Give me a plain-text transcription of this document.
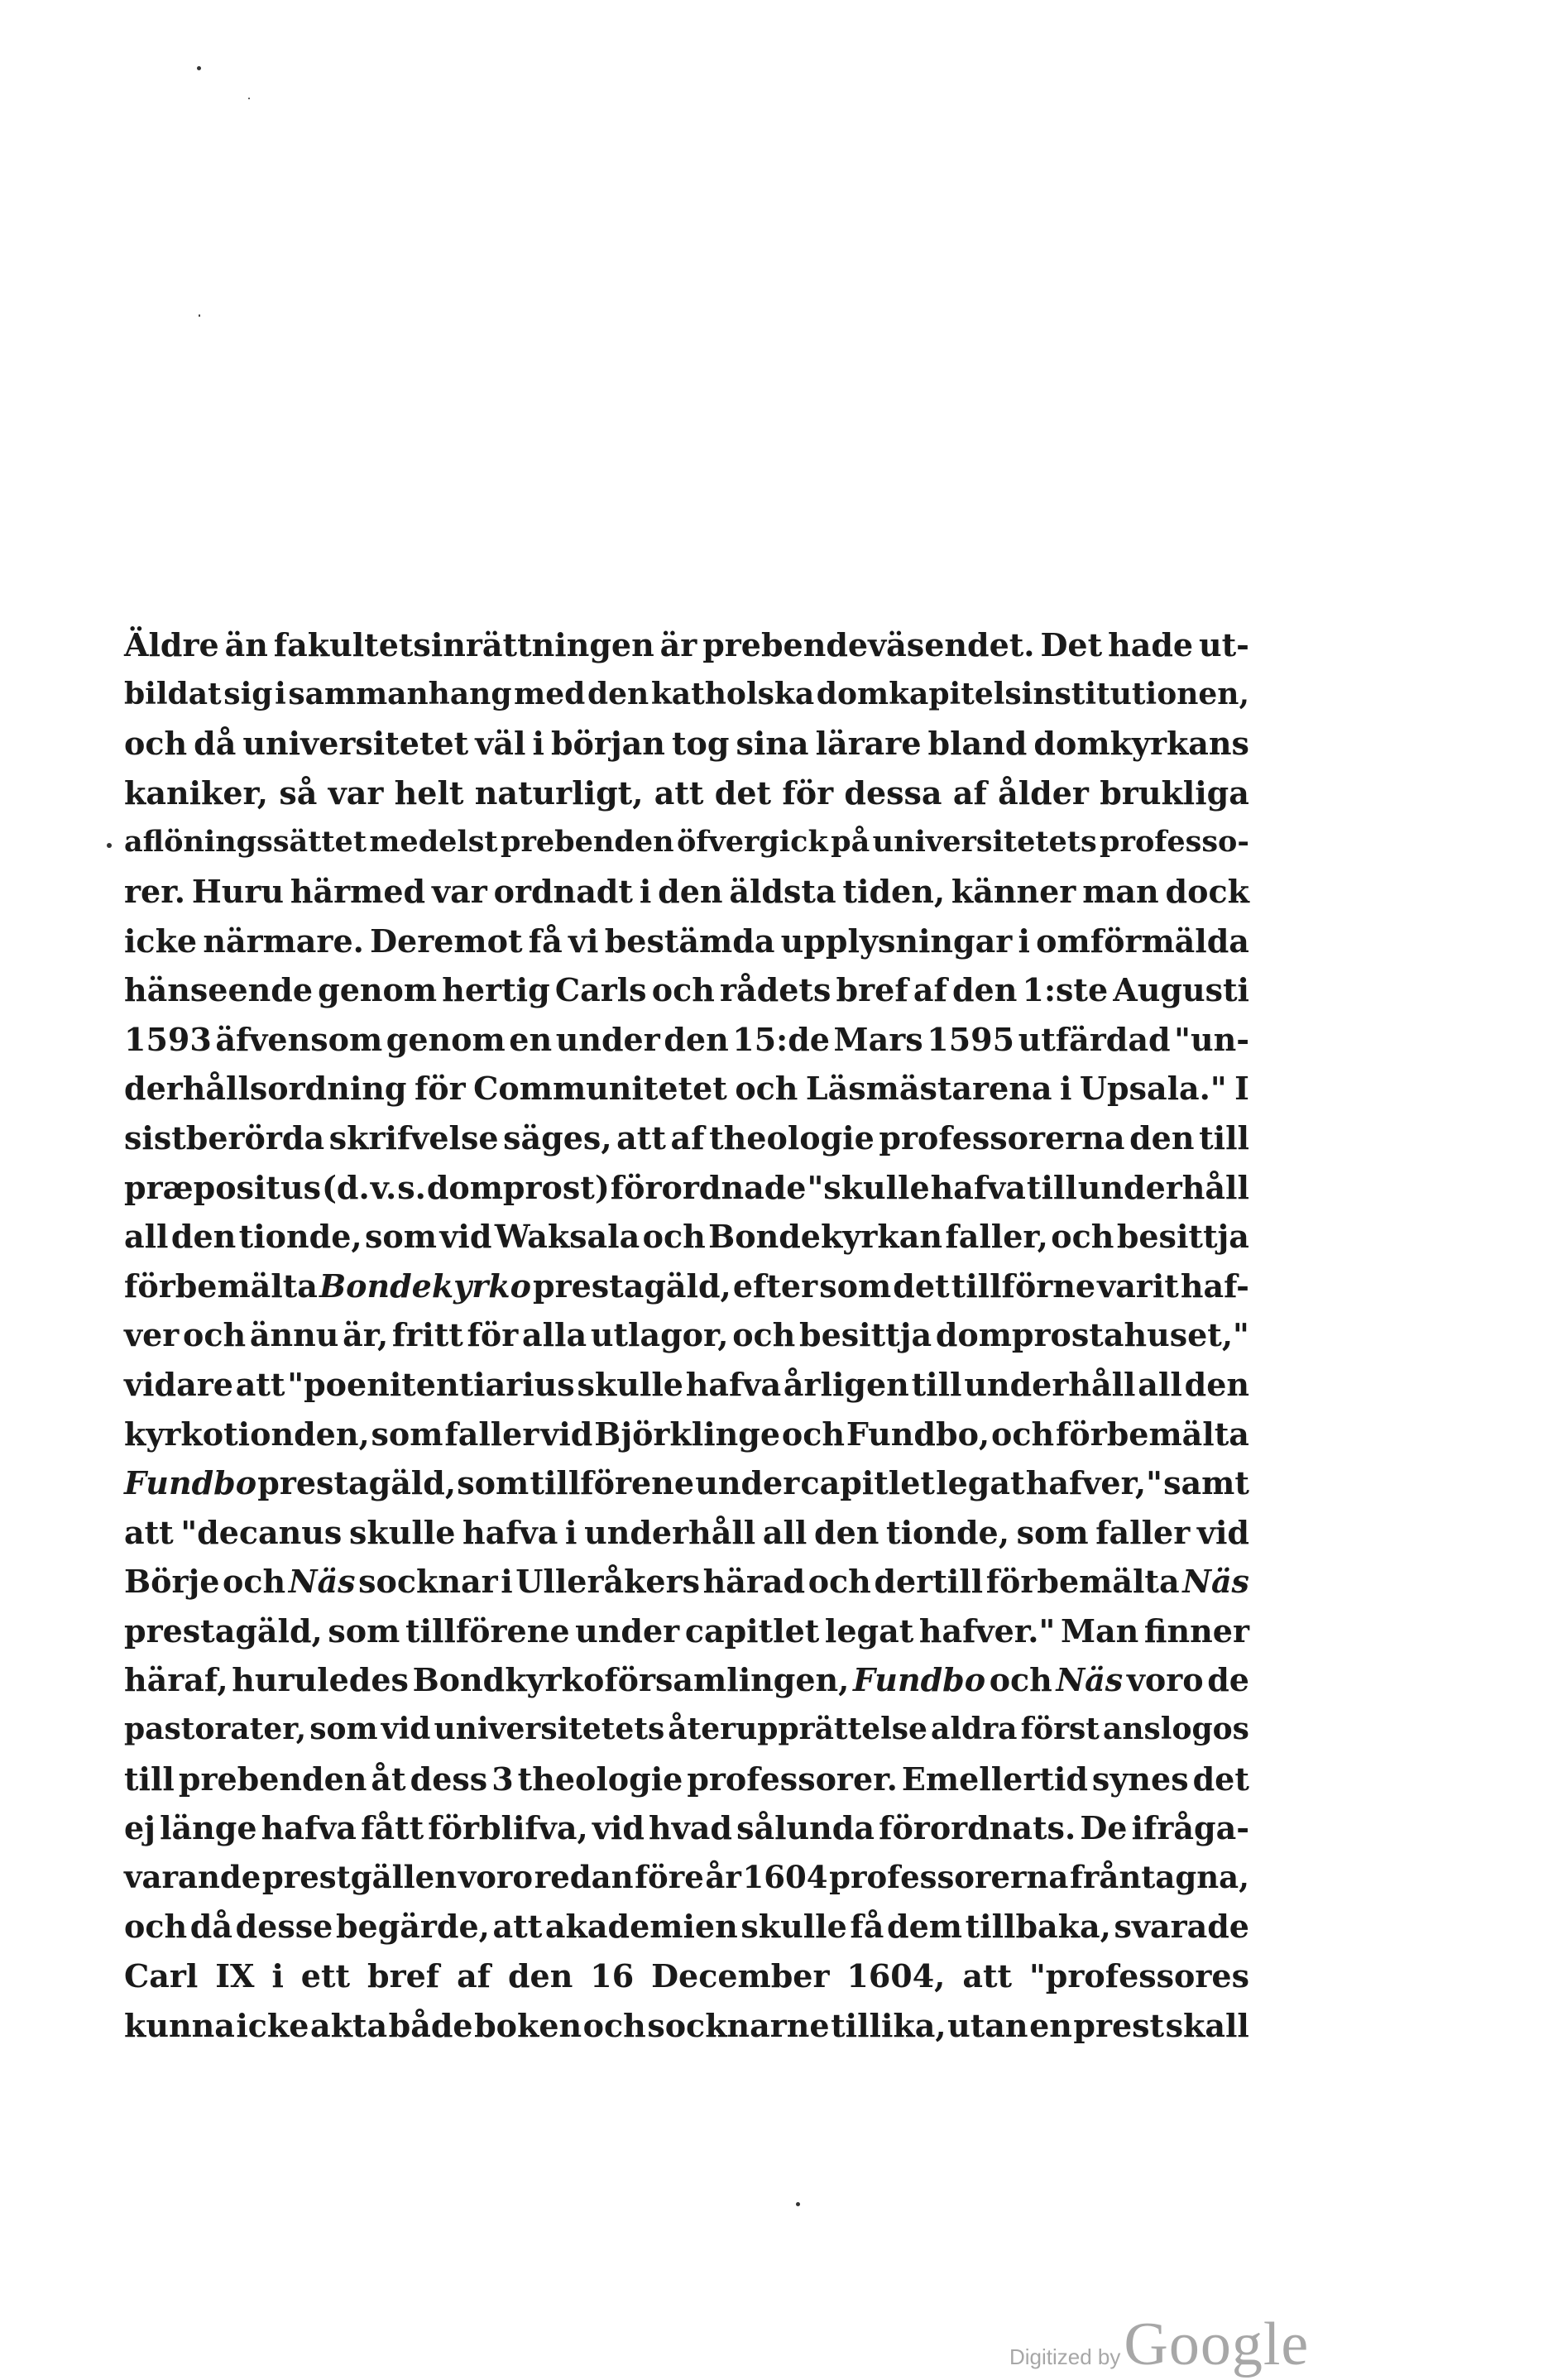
Äldre än fakultetsinrättningen är prebendeväsendet. Det hade ut-
bildat sig i sammanhang med den katholska domkapitelsinstitutionen,
och då universitetet väl i början tog sina lärare bland domkyrkans
kaniker, så var helt naturligt, att det för dessa af ålder brukliga
aflöningssättet medelst prebenden öfvergick på universitetets professo-
rer. Huru härmed var ordnadt i den äldsta tiden, känner man dock
icke närmare. Deremot få vi bestämda upplysningar i omförmälda
hänseende genom hertig Carls och rådets bref af den 1:ste Augusti
1593 äfvensom genom en under den 15:de Mars 1595 utfärdad "un-
derhållsordning för Communitetet och Läsmästarena i Upsala." I
sistberörda skrifvelse säges, att af theologie professorerna den till
præpositus (d. v. s. domprost) förordnade "skulle hafva till underhåll
all den tionde, som vid Waksala och Bondekyrkan faller, och besittja
förbemälta Bondekyrko prestagäld, efter som det tillförne varit haf-
ver och ännu är, fritt för alla utlagor, och besittja domprostahuset,"
vidare att "poenitentiarius skulle hafva årligen till underhåll all den
kyrkotionden, som faller vid Björklinge och Fundbo, och förbemälta
Fundbo prestagäld, som tillförene under capitlet legat hafver," samt
att "decanus skulle hafva i underhåll all den tionde, som faller vid
Börje och Näs socknar i Ulleråkers härad och dertill förbemälta Näs
prestagäld, som tillförene under capitlet legat hafver." Man finner
häraf, huruledes Bondkyrkoförsamlingen, Fundbo och Näs voro de
pastorater, som vid universitetets återupprättelse aldra först anslogos
till prebenden åt dess 3 theologie professorer. Emellertid synes det
ej länge hafva fått förblifva, vid hvad sålunda förordnats. De ifråga-
varande prestgällen voro redan före år 1604 professorerna fråntagna,
och då desse begärde, att akademien skulle få dem tillbaka, svarade
Carl IX i ett bref af den 16 December 1604, att "professores
kunna icke akta både boken och socknarne tillika, utan en prest skall
Digitized by Google
